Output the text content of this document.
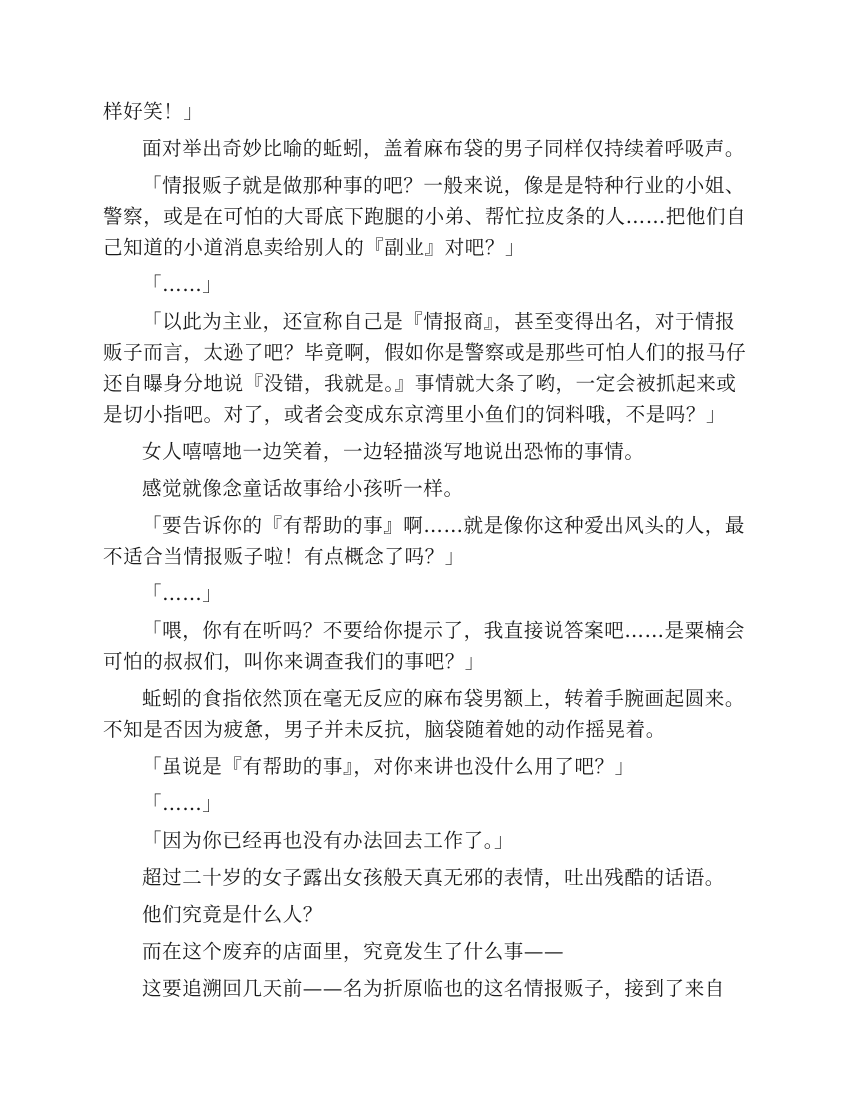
样好笑！」

面对举出奇妙比喻的蚯蚓，盖着麻布袋的男子同样仅持续着呼吸声。

「情报贩子就是做那种事的吧？一般来说，像是是特种行业的小姐、警察，或是在可怕的大哥底下跑腿的小弟、帮忙拉皮条的人……把他们自己知道的小道消息卖给别人的『副业』对吧？」

「……」

「以此为主业，还宣称自己是『情报商』，甚至变得出名，对于情报贩子而言，太逊了吧？毕竟啊，假如你是警察或是那些可怕人们的报马仔还自曝身分地说『没错，我就是。』事情就大条了哟，一定会被抓起来或是切小指吧。对了，或者会变成东京湾里小鱼们的饲料哦，不是吗？」

女人嘻嘻地一边笑着，一边轻描淡写地说出恐怖的事情。

感觉就像念童话故事给小孩听一样。

「要告诉你的『有帮助的事』啊……就是像你这种爱出风头的人，最不适合当情报贩子啦！有点概念了吗？」

「……」

「喂，你有在听吗？不要给你提示了，我直接说答案吧……是粟楠会可怕的叔叔们，叫你来调查我们的事吧？」

蚯蚓的食指依然顶在毫无反应的麻布袋男额上，转着手腕画起圆来。不知是否因为疲惫，男子并未反抗，脑袋随着她的动作摇晃着。

「虽说是『有帮助的事』，对你来讲也没什么用了吧？」

「……」

「因为你已经再也没有办法回去工作了。」

超过二十岁的女子露出女孩般天真无邪的表情，吐出残酷的话语。

他们究竟是什么人？

而在这个废弃的店面里，究竟发生了什么事——

这要追溯回几天前——名为折原临也的这名情报贩子，接到了来自
